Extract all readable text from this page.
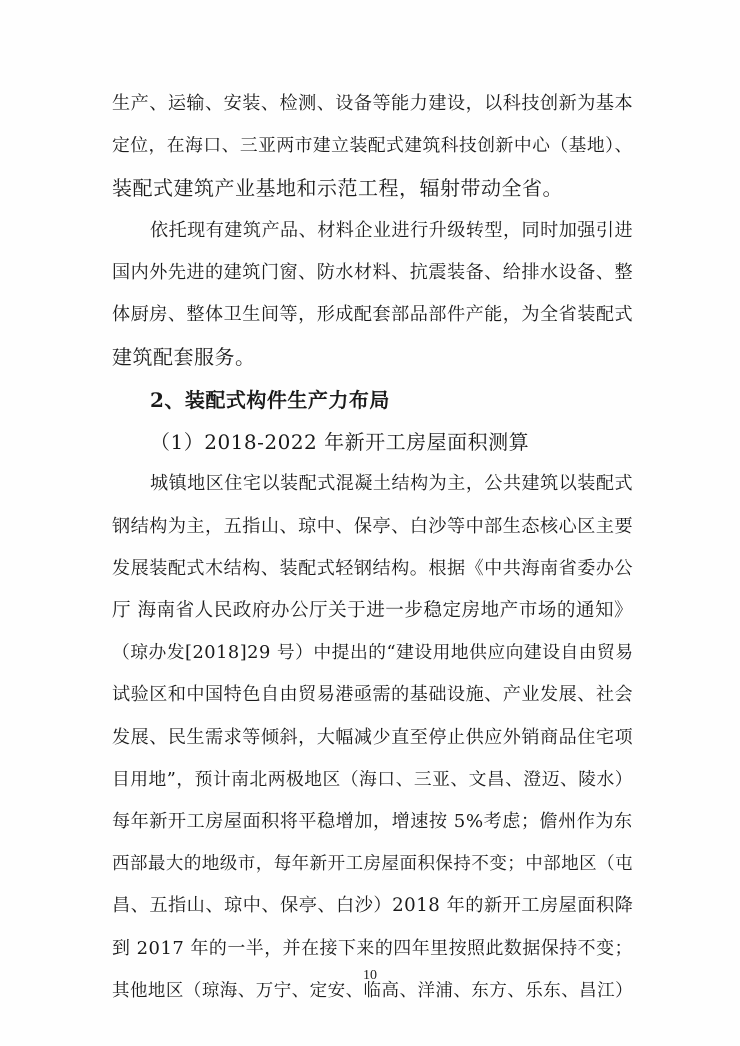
生产、运输、安装、检测、设备等能力建设，以科技创新为基本
定位，在海口、三亚两市建立装配式建筑科技创新中心（基地）、
装配式建筑产业基地和示范工程，辐射带动全省。
依托现有建筑产品、材料企业进行升级转型，同时加强引进
国内外先进的建筑门窗、防水材料、抗震装备、给排水设备、整
体厨房、整体卫生间等，形成配套部品部件产能，为全省装配式
建筑配套服务。
2、装配式构件生产力布局
（1）2018-2022 年新开工房屋面积测算
城镇地区住宅以装配式混凝土结构为主，公共建筑以装配式
钢结构为主，五指山、琼中、保亭、白沙等中部生态核心区主要
发展装配式木结构、装配式轻钢结构。根据《中共海南省委办公
厅 海南省人民政府办公厅关于进一步稳定房地产市场的通知》
（琼办发[2018]29 号）中提出的“建设用地供应向建设自由贸易
试验区和中国特色自由贸易港亟需的基础设施、产业发展、社会
发展、民生需求等倾斜，大幅减少直至停止供应外销商品住宅项
目用地”，预计南北两极地区（海口、三亚、文昌、澄迈、陵水）
每年新开工房屋面积将平稳增加，增速按 5%考虑；儋州作为东
西部最大的地级市，每年新开工房屋面积保持不变；中部地区（屯
昌、五指山、琼中、保亭、白沙）2018 年的新开工房屋面积降
到 2017 年的一半，并在接下来的四年里按照此数据保持不变；
其他地区（琼海、万宁、定安、临高、洋浦、东方、乐东、昌江）
10
